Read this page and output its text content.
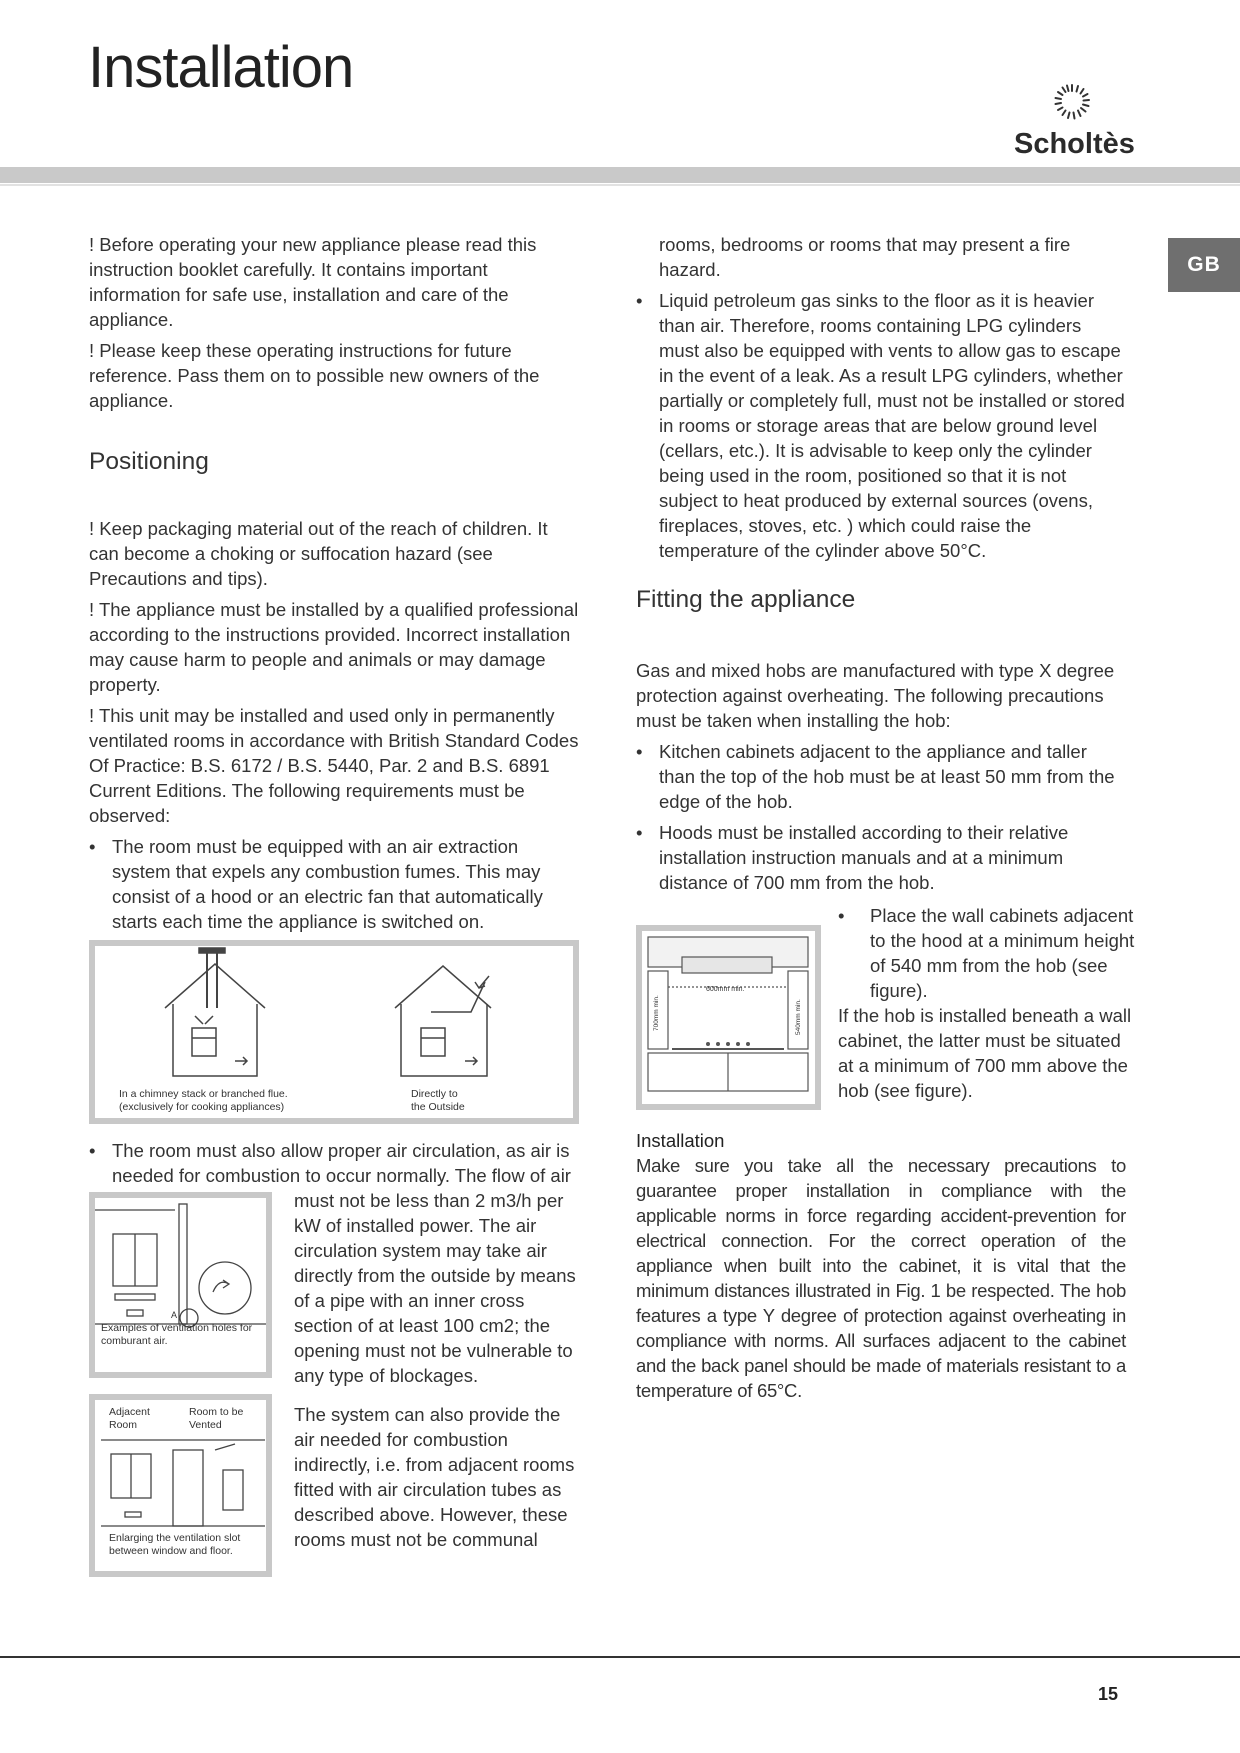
Installation
Scholtès
GB

! Before operating your new appliance please read this instruction booklet carefully. It contains important information for safe use, installation and care of the appliance.

! Please keep these operating instructions for future reference. Pass them on to possible new owners of the appliance.

Positioning

! Keep packaging material out of the reach of children. It can become a choking or suffocation hazard (see Precautions and tips).

! The appliance must be installed by a qualified professional according to the instructions provided. Incorrect installation may cause harm to people and animals or may damage property.

! This unit may be installed and used only in permanently ventilated rooms in accordance with British Standard Codes Of Practice: B.S. 6172 / B.S. 5440, Par. 2 and B.S. 6891 Current Editions. The following requirements must be observed:

• The room must be equipped with an air extraction system that expels any combustion fumes. This may consist of a hood or an electric fan that automatically starts each time the appliance is switched on.
In a chimney stack or branched flue. (exclusively for cooking appliances)
Directly to the Outside
• The room must also allow proper air circulation, as air is needed for combustion to occur normally. The flow of air
A
Examples of ventilation holes for comburant air.
Adjacent Room
Room to be Vented
Enlarging the ventilation slot between window and floor.

must not be less than 2 m3/h per kW of installed power. The air circulation system may take air directly from the outside by means of a pipe with an inner cross section of at least 100 cm2; the opening must not be vulnerable to any type of blockages.

The system can also provide the air needed for combustion indirectly, i.e. from adjacent rooms fitted with air circulation tubes as described above. However, these rooms must not be communal

rooms, bedrooms or rooms that may present a fire hazard.

• Liquid petroleum gas sinks to the floor as it is heavier than air. Therefore, rooms containing LPG cylinders must also be equipped with vents to allow gas to escape in the event of a leak. As a result LPG cylinders, whether partially or completely full, must not be installed or stored in rooms or storage areas that are below ground level (cellars, etc.). It is advisable to keep only the cylinder being used in the room, positioned so that it is not subject to heat produced by external sources (ovens, fireplaces, stoves, etc. ) which could raise the temperature of the cylinder above 50°C.
Fitting the appliance

Gas and mixed hobs are manufactured with type X degree protection against overheating. The following precautions must be taken when installing the hob:

• Kitchen cabinets adjacent to the appliance and taller than the top of the hob must be at least 50 mm from the edge of the hob.
• Hoods must be installed according to their relative installation instruction manuals and at a minimum distance of 700 mm from the hob.
600mm min.
700mm min.	540mm min.
• Place the wall cabinets adjacent to the hood at a minimum height of 540 mm from the hob (see figure).

If the hob is installed beneath a wall cabinet, the latter must be situated at a minimum of 700 mm above the hob (see figure).

Installation

Make sure you take all the necessary precautions to guarantee proper installation in compliance with the applicable norms in force regarding accident-prevention for electrical connection. For the correct operation of the appliance when built into the cabinet, it is vital that the minimum distances illustrated in Fig. 1 be respected. The hob features a type Y degree of protection against overheating in compliance with norms. All surfaces adjacent to the cabinet and the back panel should be made of materials resistant to a temperature of 65°C.

15
